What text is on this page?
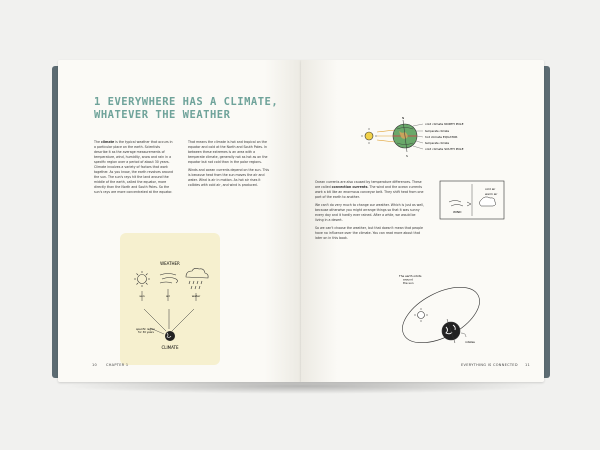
1 EVERYWHERE HAS A CLIMATE, WHATEVER THE WEATHER

The climate is the typical weather that occurs in a particular place on the earth. Scientists describe it as the average measurements of temperature, wind, humidity, snow and rain in a specific region over a period of about 30 years. Climate involves a variety of factors that work together. As you know, the earth revolves around the sun. The sun's rays hit the land around the middle of the earth, called the equator, more directly than the North and South Poles. So the sun's rays are more concentrated at the equator.

That means the climate is hot and tropical on the equator and cold at the North and South Poles. In between these extremes is an area with a temperate climate, generally not as hot as on the equator but not cold than in the polar regions.

Winds and ocean currents depend on the sun. This is because heat from the sun moves the air and water. Wind is air in motion. As hot air rises it collides with cold air, and wind is produced.

WEATHER
sun	air	water
specific region for 30 years
CLIMATE
10	CHAPTER 1
N
S
cold climate NORTH POLE
temperate climate
hot climate EQUATOR
temperate climate
cold climate SOUTH POLE

Ocean currents are also caused by temperature differences. These are called convection currents. The wind and the ocean currents work a bit like an enormous conveyor belt. They shift heat from one part of the earth to another.

We can't do very much to change our weather. Which is just as well, because otherwise you might arrange things so that it was sunny every day and it hardly ever rained. After a while, we would be living in a desert.

So we can't choose the weather, but that doesn't mean that people have no influence over the climate. You can read more about that later on in this book.

cold air
warm air
WIND
The earth orbits around the sun
rotates
EVERYTHING IS CONNECTED 11
